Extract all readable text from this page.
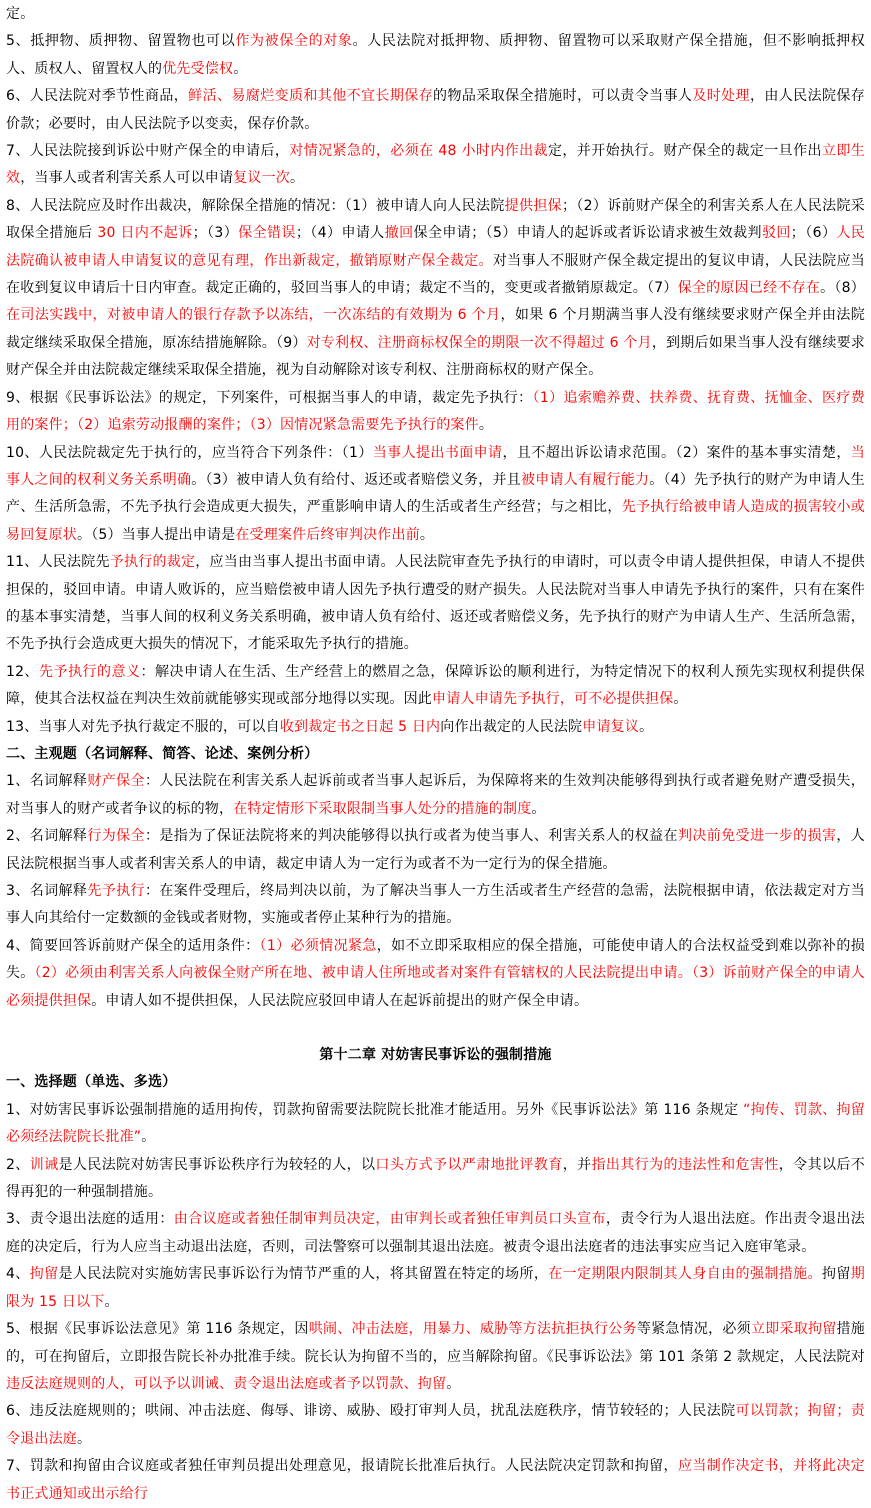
定。

5、抵押物、质押物、留置物也可以作为被保全的对象。人民法院对抵押物、质押物、留置物可以采取财产保全措施，但不影响抵押权人、质权人、留置权人的优先受偿权。

6、人民法院对季节性商品，鲜活、易腐烂变质和其他不宜长期保存的物品采取保全措施时，可以责令当事人及时处理，由人民法院保存价款；必要时，由人民法院予以变卖，保存价款。

7、人民法院接到诉讼中财产保全的申请后，对情况紧急的，必须在 48 小时内作出裁定，并开始执行。财产保全的裁定一旦作出立即生效，当事人或者利害关系人可以申请复议一次。

8、人民法院应及时作出裁决，解除保全措施的情况：（1）被申请人向人民法院提供担保；（2）诉前财产保全的利害关系人在人民法院采取保全措施后 30 日内不起诉；（3）保全错误；（4）申请人撤回保全申请；（5）申请人的起诉或者诉讼请求被生效裁判驳回；（6）人民法院确认被申请人申请复议的意见有理，作出新裁定，撤销原财产保全裁定。对当事人不服财产保全裁定提出的复议申请，人民法院应当在收到复议申请后十日内审查。裁定正确的，驳回当事人的申请；裁定不当的，变更或者撤销原裁定。（7）保全的原因已经不存在。（8）在司法实践中，对被申请人的银行存款予以冻结，一次冻结的有效期为 6 个月，如果 6 个月期满当事人没有继续要求财产保全并由法院裁定继续采取保全措施，原冻结措施解除。（9）对专利权、注册商标权保全的期限一次不得超过 6 个月，到期后如果当事人没有继续要求财产保全并由法院裁定继续采取保全措施，视为自动解除对该专利权、注册商标权的财产保全。

9、根据《民事诉讼法》的规定，下列案件，可根据当事人的申请，裁定先予执行：（1）追索赡养费、扶养费、抚育费、抚恤金、医疗费用的案件；（2）追索劳动报酬的案件；（3）因情况紧急需要先予执行的案件。

10、人民法院裁定先于执行的，应当符合下列条件：（1）当事人提出书面申请，且不超出诉讼请求范围。（2）案件的基本事实清楚，当事人之间的权利义务关系明确。（3）被申请人负有给付、返还或者赔偿义务，并且被申请人有履行能力。（4）先予执行的财产为申请人生产、生活所急需，不先予执行会造成更大损失，严重影响申请人的生活或者生产经营；与之相比，先予执行给被申请人造成的损害较小或易回复原状。（5）当事人提出申请是在受理案件后终审判决作出前。

11、人民法院先予执行的裁定，应当由当事人提出书面申请。人民法院审查先予执行的申请时，可以责令申请人提供担保，申请人不提供担保的，驳回申请。申请人败诉的，应当赔偿被申请人因先予执行遭受的财产损失。人民法院对当事人申请先予执行的案件，只有在案件的基本事实清楚，当事人间的权利义务关系明确，被申请人负有给付、返还或者赔偿义务，先予执行的财产为申请人生产、生活所急需，不先予执行会造成更大损失的情况下，才能采取先予执行的措施。

12、先予执行的意义：解决申请人在生活、生产经营上的燃眉之急，保障诉讼的顺利进行，为特定情况下的权利人预先实现权利提供保障，使其合法权益在判决生效前就能够实现或部分地得以实现。因此申请人申请先予执行，可不必提供担保。

13、当事人对先予执行裁定不服的，可以自收到裁定书之日起 5 日内向作出裁定的人民法院申请复议。

二、主观题（名词解释、简答、论述、案例分析）

1、名词解释财产保全：人民法院在利害关系人起诉前或者当事人起诉后，为保障将来的生效判决能够得到执行或者避免财产遭受损失，对当事人的财产或者争议的标的物，在特定情形下采取限制当事人处分的措施的制度。

2、名词解释行为保全：是指为了保证法院将来的判决能够得以执行或者为使当事人、利害关系人的权益在判决前免受进一步的损害，人民法院根据当事人或者利害关系人的申请，裁定申请人为一定行为或者不为一定行为的保全措施。

3、名词解释先予执行：在案件受理后，终局判决以前，为了解决当事人一方生活或者生产经营的急需，法院根据申请，依法裁定对方当事人向其给付一定数额的金钱或者财物，实施或者停止某种行为的措施。

4、简要回答诉前财产保全的适用条件：（1）必须情况紧急，如不立即采取相应的保全措施，可能使申请人的合法权益受到难以弥补的损失。（2）必须由利害关系人向被保全财产所在地、被申请人住所地或者对案件有管辖权的人民法院提出申请。（3）诉前财产保全的申请人必须提供担保。申请人如不提供担保，人民法院应驳回申请人在起诉前提出的财产保全申请。

第十二章 对妨害民事诉讼的强制措施

一、选择题（单选、多选）

1、对妨害民事诉讼强制措施的适用拘传，罚款拘留需要法院院长批准才能适用。另外《民事诉讼法》第 116 条规定 “拘传、罚款、拘留必须经法院院长批准”。

2、训诫是人民法院对妨害民事诉讼秩序行为较轻的人，以口头方式予以严肃地批评教育，并指出其行为的违法性和危害性，令其以后不得再犯的一种强制措施。

3、责令退出法庭的适用：由合议庭或者独任制审判员决定，由审判长或者独任审判员口头宣布，责令行为人退出法庭。作出责令退出法庭的决定后，行为人应当主动退出法庭，否则，司法警察可以强制其退出法庭。被责令退出法庭者的违法事实应当记入庭审笔录。

4、拘留是人民法院对实施妨害民事诉讼行为情节严重的人，将其留置在特定的场所，在一定期限内限制其人身自由的强制措施。拘留期限为 15 日以下。

5、根据《民事诉讼法意见》第 116 条规定，因哄闹、冲击法庭，用暴力、威胁等方法抗拒执行公务等紧急情况，必须立即采取拘留措施的，可在拘留后，立即报告院长补办批准手续。院长认为拘留不当的，应当解除拘留。《民事诉讼法》第 101 条第 2 款规定，人民法院对违反法庭规则的人，可以予以训诫、责令退出法庭或者予以罚款、拘留。

6、违反法庭规则的；哄闹、冲击法庭、侮辱、诽谤、威胁、殴打审判人员，扰乱法庭秩序，情节较轻的；人民法院可以罚款；拘留；责令退出法庭。

7、罚款和拘留由合议庭或者独任审判员提出处理意见，报请院长批准后执行。人民法院决定罚款和拘留，应当制作决定书，并将此决定书正式通知或出示给行
